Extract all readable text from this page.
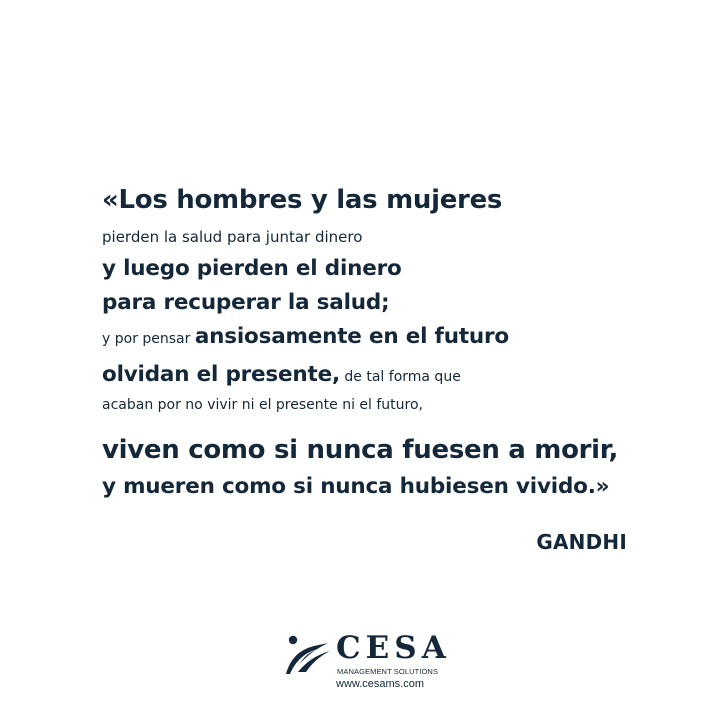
«Los hombres y las mujeres

pierden la salud para juntar dinero

y luego pierden el dinero

para recuperar la salud;

y por pensar ansiosamente en el futuro

olvidan el presente, de tal forma que

acaban por no vivir ni el presente ni el futuro,

viven como si nunca fuesen a morir,

y mueren como si nunca hubiesen vivido.»

GANDHI
CESA
MANAGEMENT SOLUTIONS
www.cesams.com
